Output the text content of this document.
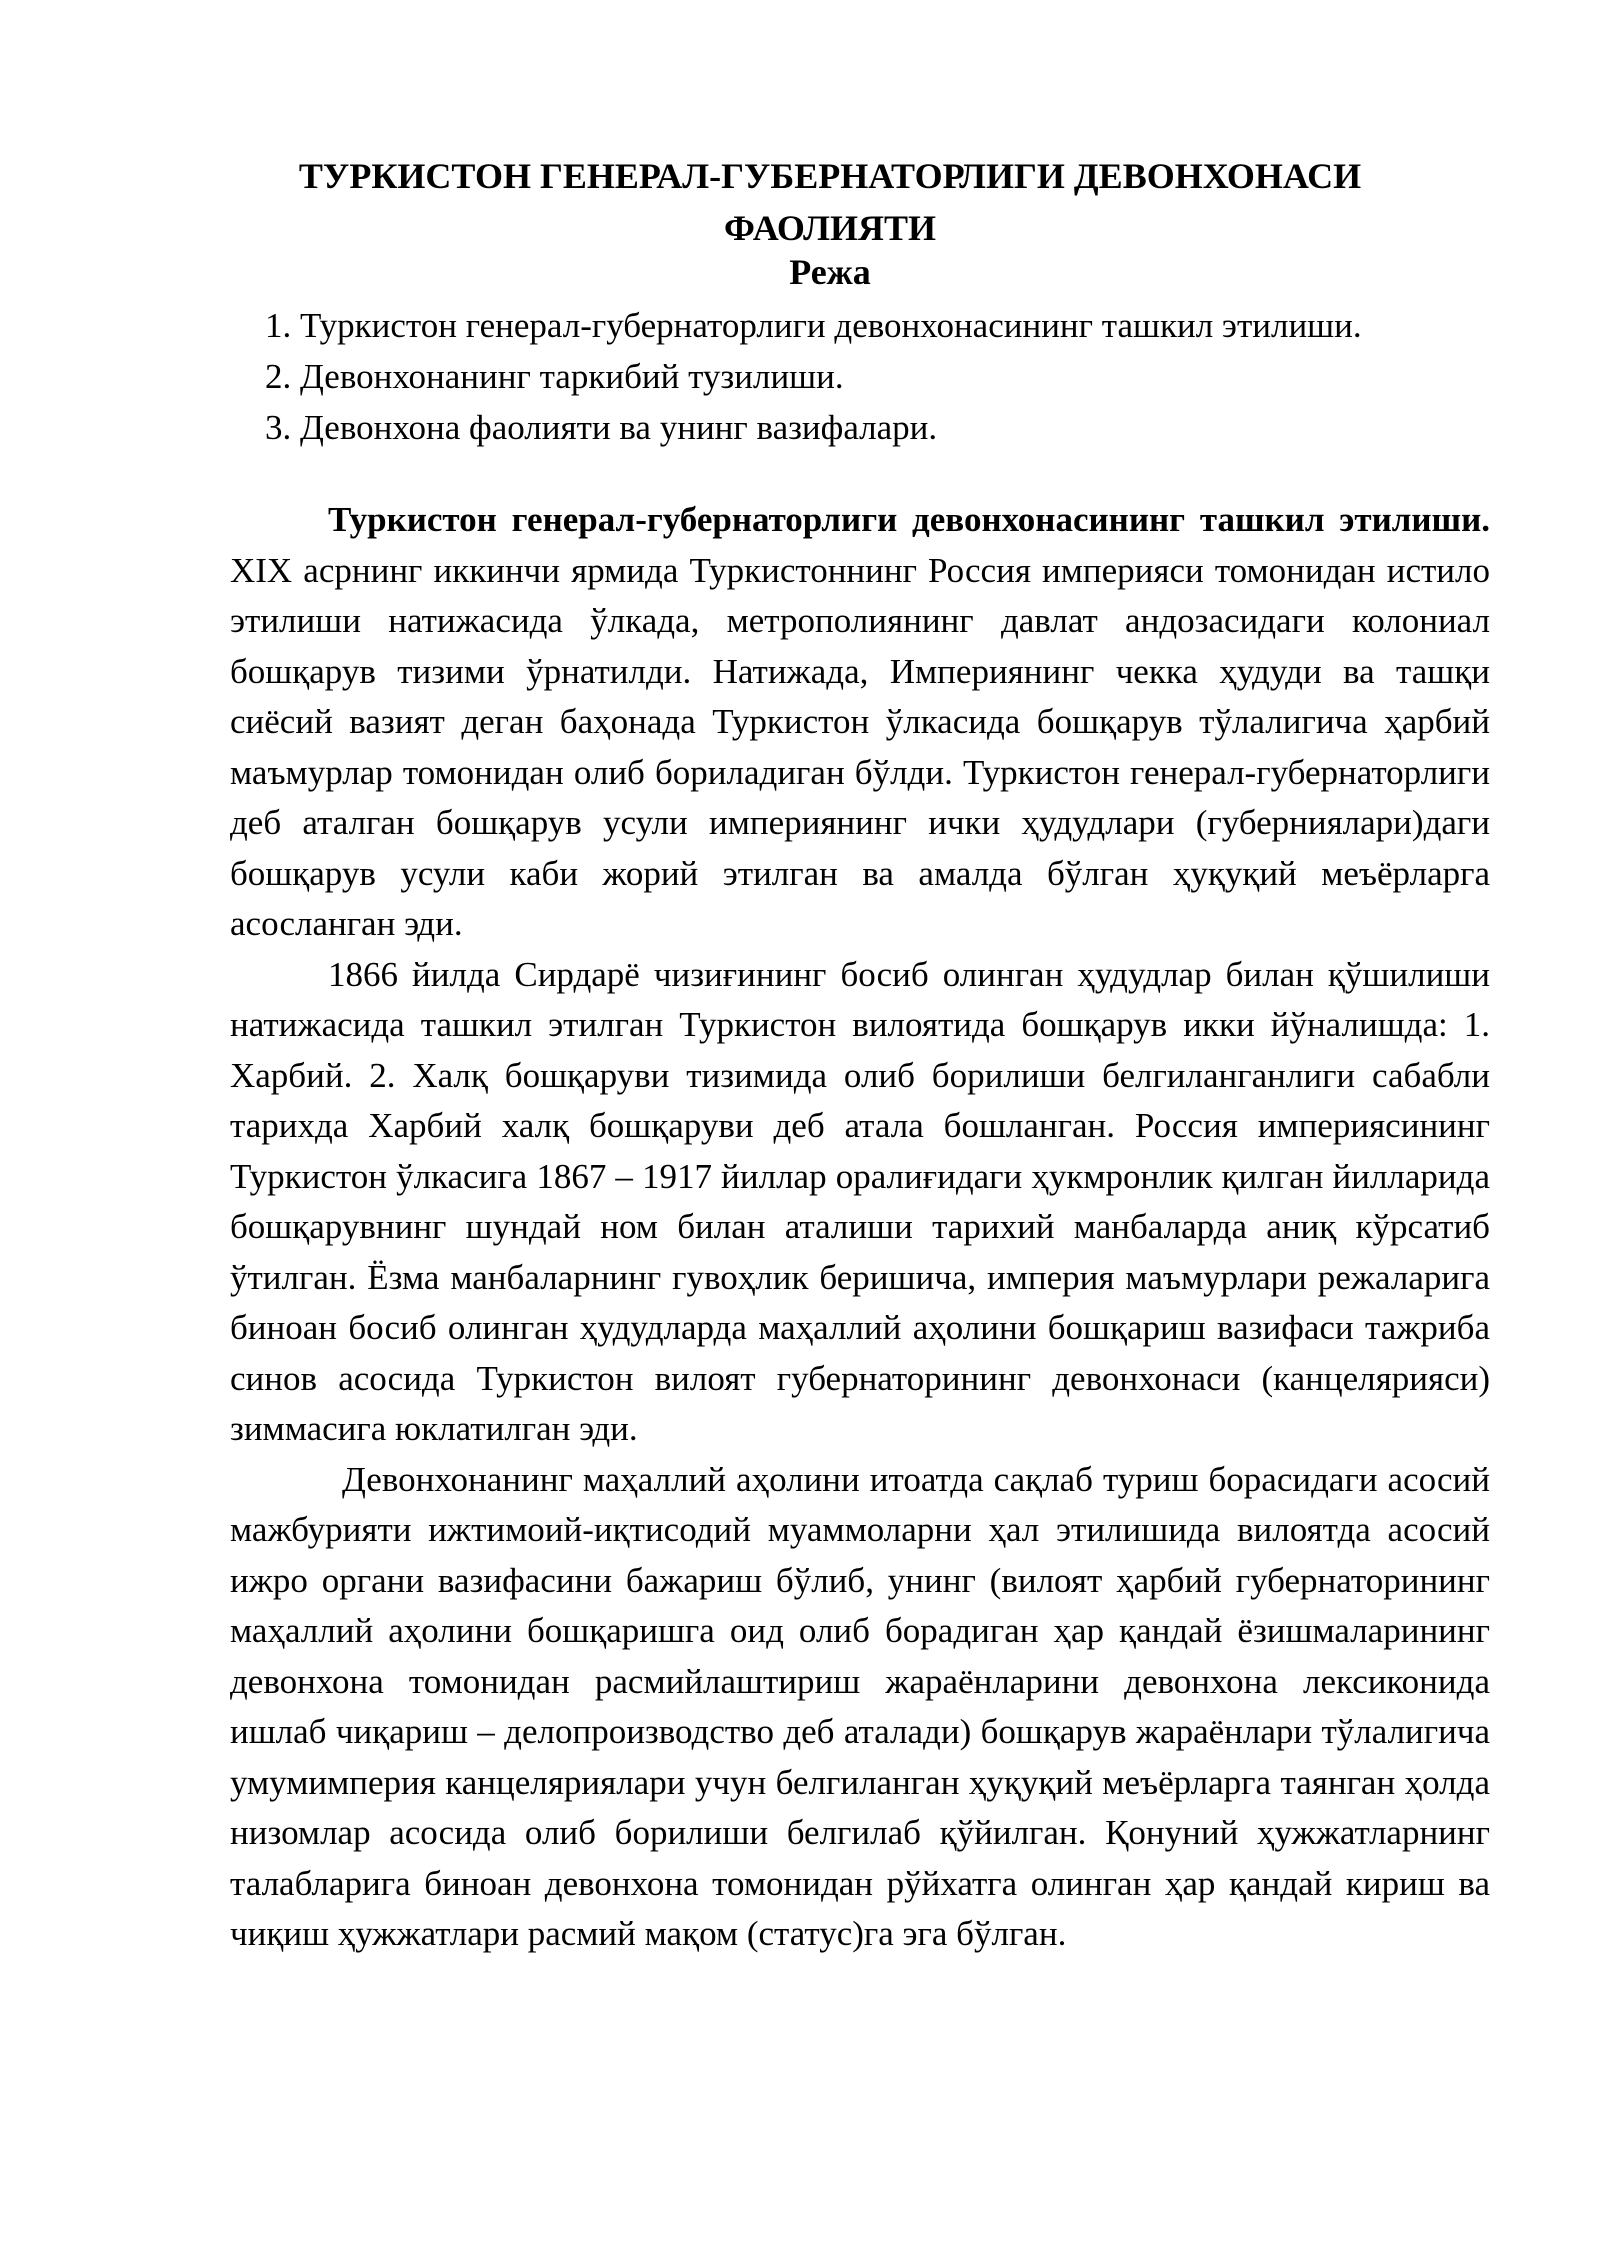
ТУРКИСТОН ГЕНЕРАЛ-ГУБЕРНАТОРЛИГИ ДЕВОНХОНАСИ ФАОЛИЯТИ
Режа
1. Туркистон генерал-губернаторлиги девонхонасининг ташкил этилиши.
2. Девонхонанинг таркибий тузилиши.
3. Девонхона фаолияти ва унинг вазифалари.

Туркистон генерал-губернаторлиги девонхонасининг ташкил этилиши. XIX асрнинг иккинчи ярмида Туркистоннинг Россия империяси томонидан истило этилиши натижасида ўлкада, метрополиянинг давлат андозасидаги колониал бошқарув тизими ўрнатилди. Натижада, Империянинг чекка ҳудуди ва ташқи сиёсий вазият деган баҳонада Туркистон ўлкасида бошқарув тўлалигича ҳарбий маъмурлар томонидан олиб бориладиган бўлди. Туркистон генерал-губернаторлиги деб аталган бошқарув усули империянинг ички ҳудудлари (губерниялари)даги бошқарув усули каби жорий этилган ва амалда бўлган ҳуқуқий меъёрларга асосланган эди.

1866 йилда Сирдарё чизиғининг босиб олинган ҳудудлар билан қўшилиши натижасида ташкил этилган Туркистон вилоятида бошқарув икки йўналишда: 1. Харбий. 2. Халқ бошқаруви тизимида олиб борилиши белгиланганлиги сабабли тарихда Харбий халқ бошқаруви деб атала бошланган. Россия империясининг Туркистон ўлкасига 1867 – 1917 йиллар оралиғидаги ҳукмронлик қилган йилларида бошқарувнинг шундай ном билан аталиши тарихий манбаларда аниқ кўрсатиб ўтилган. Ёзма манбаларнинг гувоҳлик беришича, империя маъмурлари режаларига биноан босиб олинган ҳудудларда маҳаллий аҳолини бошқариш вазифаси тажриба синов асосида Туркистон вилоят губернаторининг девонхонаси (канцелярияси) зиммасига юклатилган эди.

Девонхонанинг маҳаллий аҳолини итоатда сақлаб туриш борасидаги асосий мажбурияти ижтимоий-иқтисодий муаммоларни ҳал этилишида вилоятда асосий ижро органи вазифасини бажариш бўлиб, унинг (вилоят ҳарбий губернаторининг маҳаллий аҳолини бошқаришга оид олиб борадиган ҳар қандай ёзишмаларининг девонхона томонидан расмийлаштириш жараёнларини девонхона лексиконида ишлаб чиқариш – делопроизводство деб аталади) бошқарув жараёнлари тўлалигича умумимперия канцеляриялари учун белгиланган ҳуқуқий меъёрларга таянган ҳолда низомлар асосида олиб борилиши белгилаб қўйилган. Қонуний ҳужжатларнинг талабларига биноан девонхона томонидан рўйхатга олинган ҳар қандай кириш ва чиқиш ҳужжатлари расмий мақом (статус)га эга бўлган.
